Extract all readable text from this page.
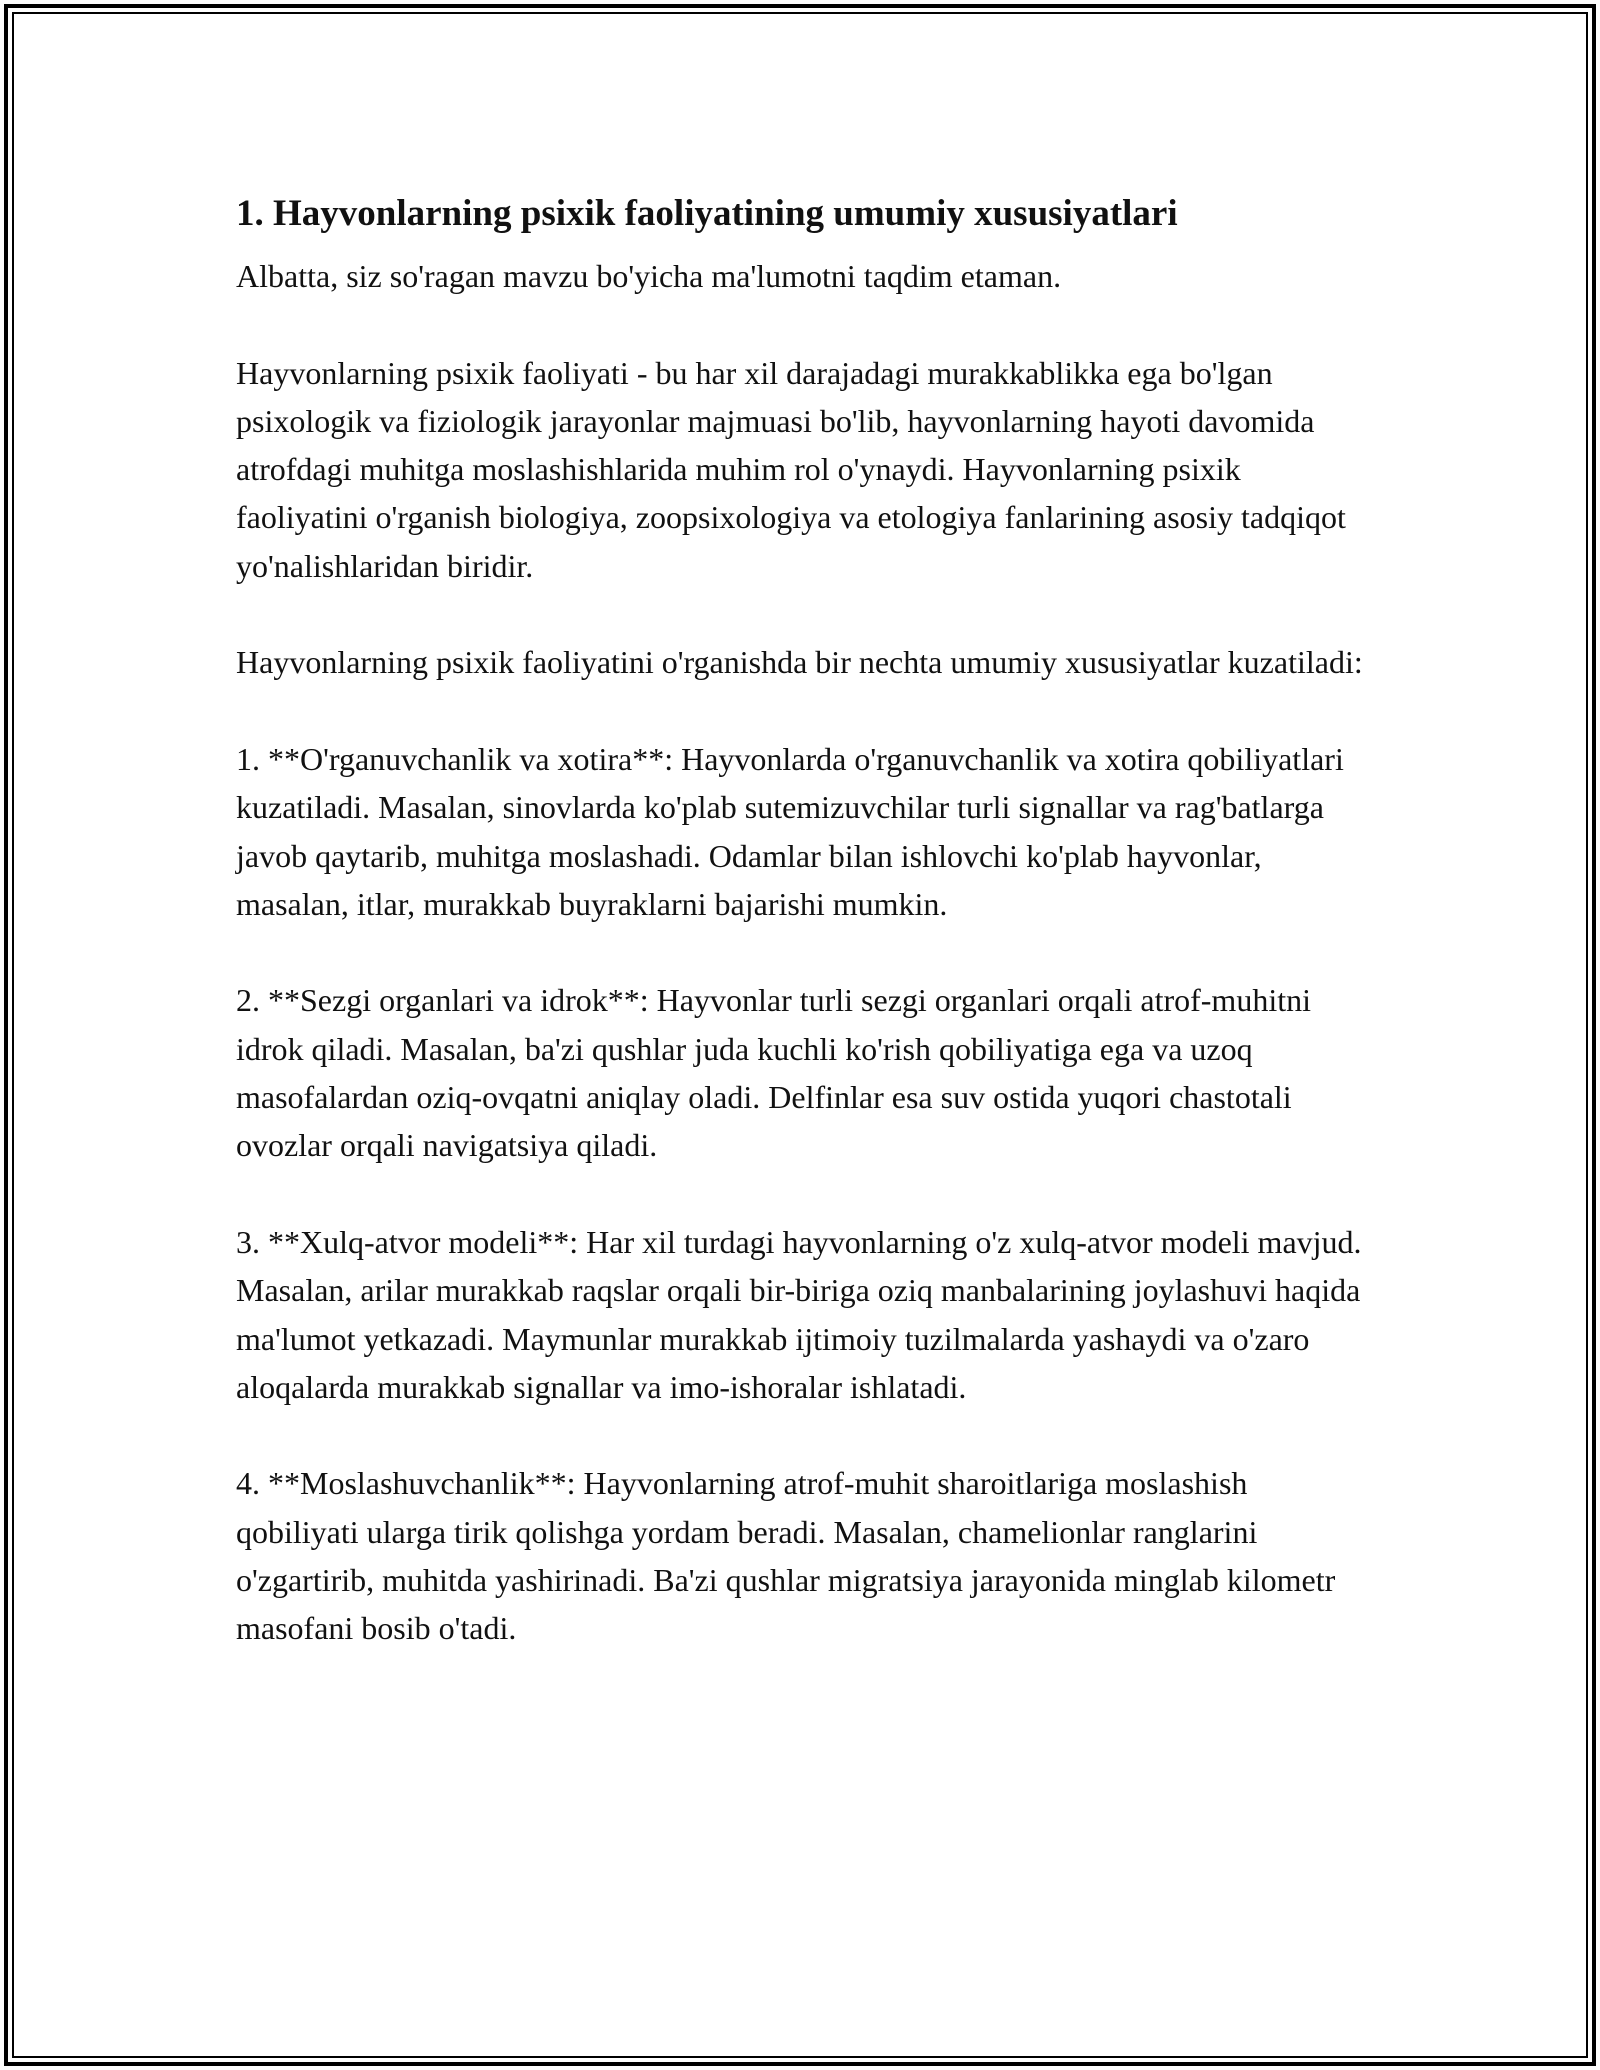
1. Hayvonlarning psixik faoliyatining umumiy xususiyatlari

Albatta, siz so'ragan mavzu bo'yicha ma'lumotni taqdim etaman.

Hayvonlarning psixik faoliyati - bu har xil darajadagi murakkablikka ega bo'lgan psixologik va fiziologik jarayonlar majmuasi bo'lib, hayvonlarning hayoti davomida atrofdagi muhitga moslashishlarida muhim rol o'ynaydi. Hayvonlarning psixik faoliyatini o'rganish biologiya, zoopsixologiya va etologiya fanlarining asosiy tadqiqot yo'nalishlaridan biridir.

Hayvonlarning psixik faoliyatini o'rganishda bir nechta umumiy xususiyatlar kuzatiladi:

1. **O'rganuvchanlik va xotira**: Hayvonlarda o'rganuvchanlik va xotira qobiliyatlari kuzatiladi. Masalan, sinovlarda ko'plab sutemizuvchilar turli signallar va rag'batlarga javob qaytarib, muhitga moslashadi. Odamlar bilan ishlovchi ko'plab hayvonlar, masalan, itlar, murakkab buyraklarni bajarishi mumkin.

2. **Sezgi organlari va idrok**: Hayvonlar turli sezgi organlari orqali atrof-muhitni idrok qiladi. Masalan, ba'zi qushlar juda kuchli ko'rish qobiliyatiga ega va uzoq masofalardan oziq-ovqatni aniqlay oladi. Delfinlar esa suv ostida yuqori chastotali ovozlar orqali navigatsiya qiladi.

3. **Xulq-atvor modeli**: Har xil turdagi hayvonlarning o'z xulq-atvor modeli mavjud. Masalan, arilar murakkab raqslar orqali bir-biriga oziq manbalarining joylashuvi haqida ma'lumot yetkazadi. Maymunlar murakkab ijtimoiy tuzilmalarda yashaydi va o'zaro aloqalarda murakkab signallar va imo-ishoralar ishlatadi.

4. **Moslashuvchanlik**: Hayvonlarning atrof-muhit sharoitlariga moslashish qobiliyati ularga tirik qolishga yordam beradi. Masalan, chamelionlar ranglarini o'zgartirib, muhitda yashirinadi. Ba'zi qushlar migratsiya jarayonida minglab kilometr masofani bosib o'tadi.
